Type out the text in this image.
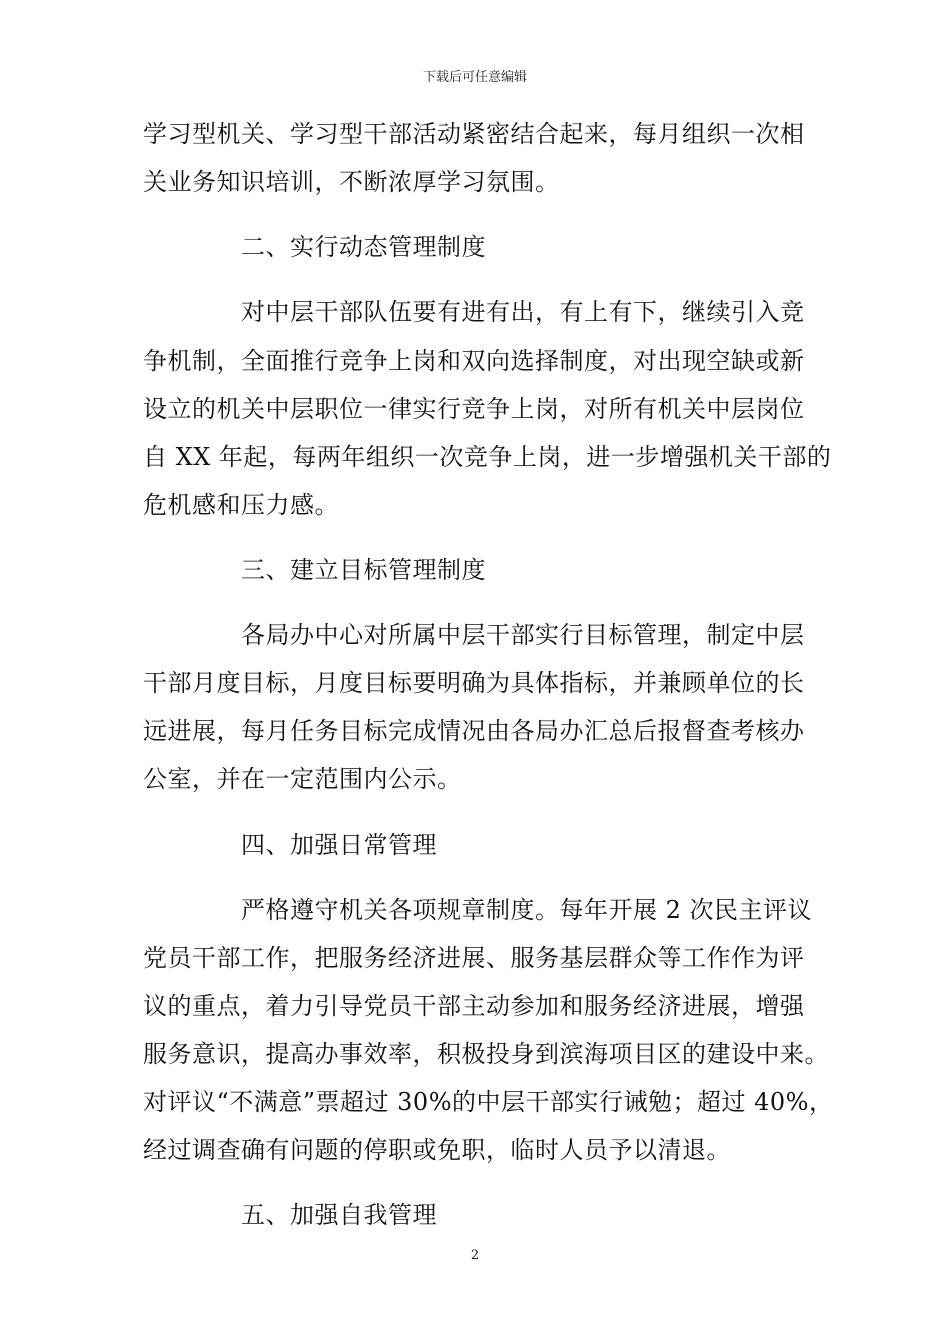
下载后可任意编辑
学习型机关、学习型干部活动紧密结合起来，每月组织一次相
关业务知识培训，不断浓厚学习氛围。
二、实行动态管理制度
对中层干部队伍要有进有出，有上有下，继续引入竞
争机制，全面推行竞争上岗和双向选择制度，对出现空缺或新
设立的机关中层职位一律实行竞争上岗，对所有机关中层岗位
自 XX 年起，每两年组织一次竞争上岗，进一步增强机关干部的
危机感和压力感。
三、建立目标管理制度
各局办中心对所属中层干部实行目标管理，制定中层
干部月度目标，月度目标要明确为具体指标，并兼顾单位的长
远进展，每月任务目标完成情况由各局办汇总后报督查考核办
公室，并在一定范围内公示。
四、加强日常管理
严格遵守机关各项规章制度。每年开展 2 次民主评议
党员干部工作，把服务经济进展、服务基层群众等工作作为评
议的重点，着力引导党员干部主动参加和服务经济进展，增强
服务意识，提高办事效率，积极投身到滨海项目区的建设中来。
对评议“不满意”票超过 30%的中层干部实行诫勉；超过 40%，
经过调查确有问题的停职或免职，临时人员予以清退。
五、加强自我管理
2
